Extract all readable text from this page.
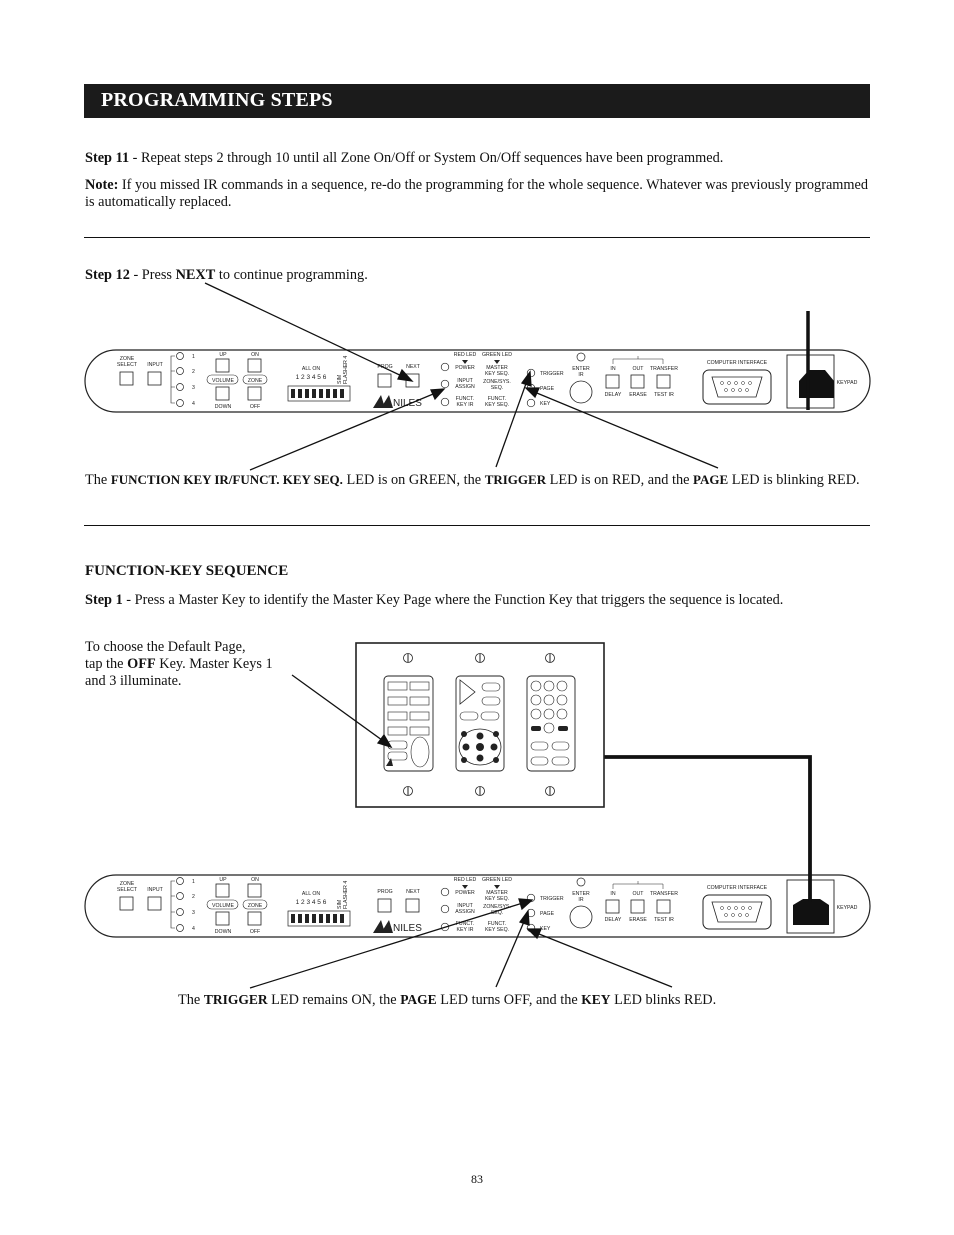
PROGRAMMING STEPS
Step 11 - Repeat steps 2 through 10 until all Zone On/Off or System On/Off sequences have been programmed.
Note: If you missed IR commands in a sequence, re-do the programming for the whole sequence. Whatever was previously programmed is automatically replaced.
Step 12 - Press NEXT to continue programming.
The FUNCTION KEY IR/FUNCT. KEY SEQ. LED is on GREEN, the TRIGGER LED is on RED, and the PAGE LED is blinking RED.
FUNCTION-KEY SEQUENCE
Step 1 - Press a Master Key to identify the Master Key Page where the Function Key that triggers the sequence is located.
To choose the Default Page,
tap the OFF Key. Master Keys 1
and 3 illuminate.
The TRIGGER LED remains ON, the PAGE LED turns OFF, and the KEY LED blinks RED.
83
ZONE
SELECT	INPUT
1
2
3
4
UP	ON
VOLUME	ZONE
DOWN	OFF
ALL ON
1 2 3 4 5 6	SIM FLASHER 4	PROG	NEXT
NILES
RED LED	GREEN LED
POWER
INPUT
ASSIGN
FUNCT.
KEY IR
MASTER
KEY SEQ.
ZONE/SYS.
SEQ.
FUNCT.
KEY SEQ.
TRIGGER
PAGE
KEY
ENTER
IR
IN	OUT	TRANSFER
DELAY	ERASE	TEST IR
COMPUTER INTERFACE
KEYPAD
